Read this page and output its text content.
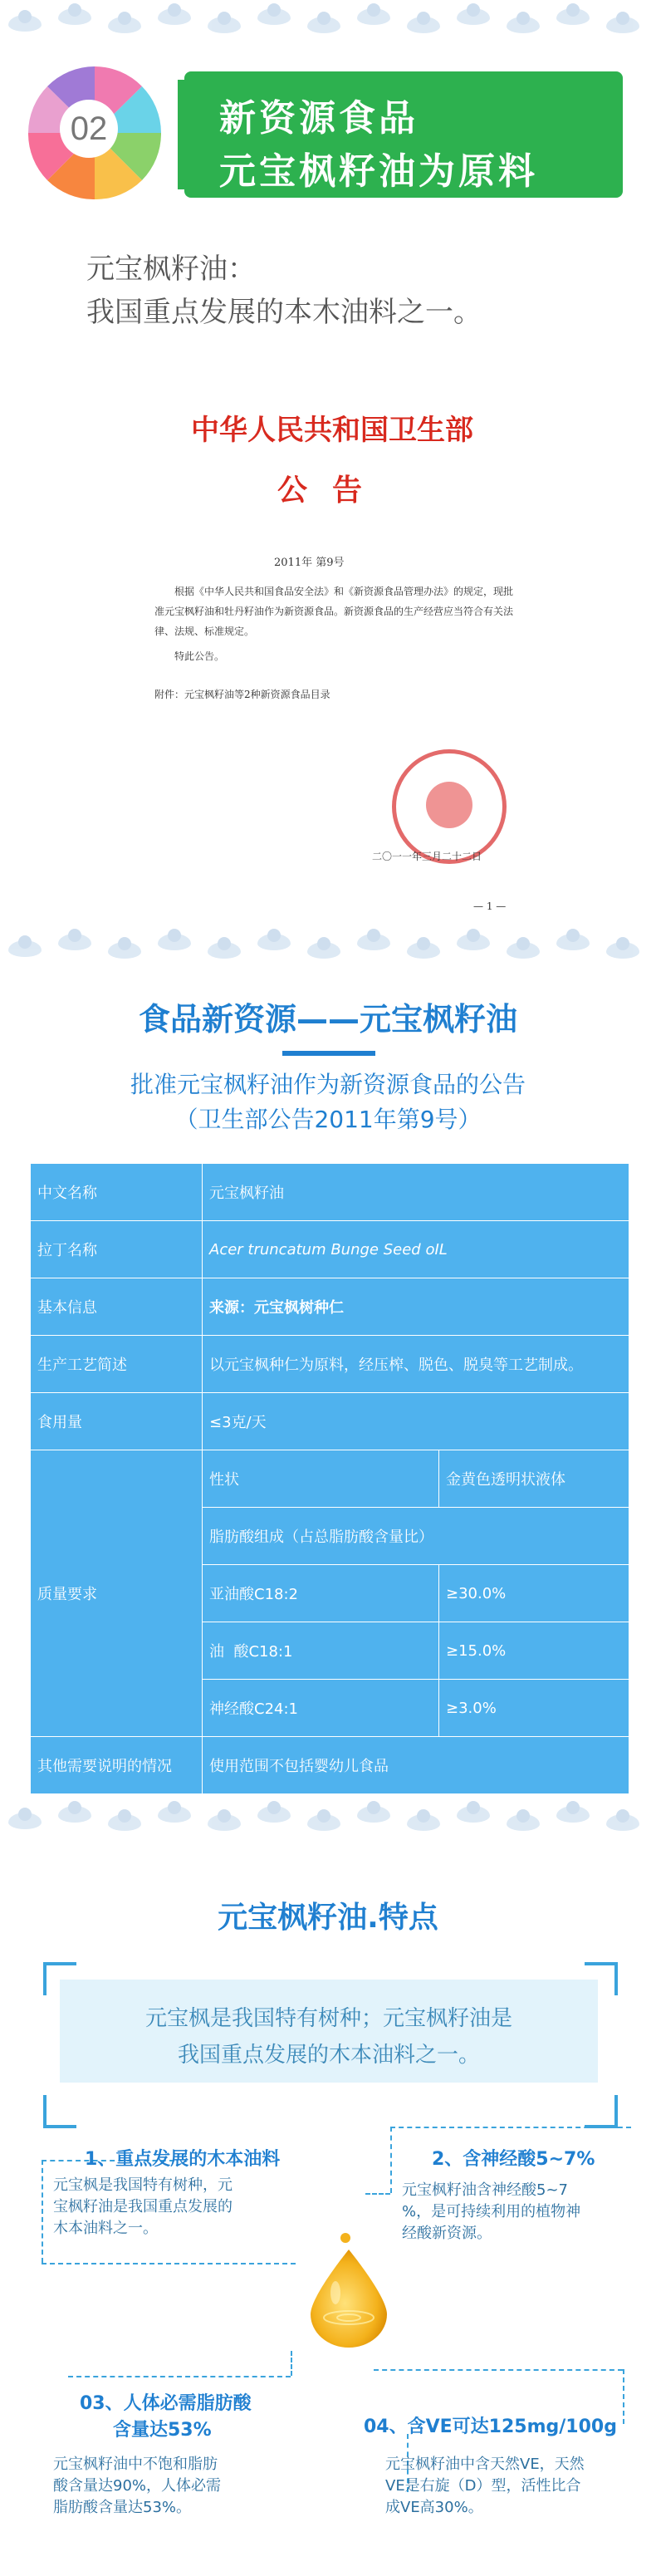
02	新资源食品
元宝枫籽油为原料
元宝枫籽油：
我国重点发展的本木油料之一。
中华人民共和国卫生部
公告
2011年 第9号
根据《中华人民共和国食品安全法》和《新资源食品管理办法》的规定，现批准元宝枫籽油和牡丹籽油作为新资源食品。新资源食品的生产经营应当符合有关法律、法规、标准规定。
特此公告。
附件：元宝枫籽油等2种新资源食品目录
二〇一一年三月二十二日
— 1 —
食品新资源——元宝枫籽油
批准元宝枫籽油作为新资源食品的公告
（卫生部公告2011年第9号）
中文名称	元宝枫籽油	
拉丁名称	Acer truncatum Bunge Seed oIL	
基本信息	来源：元宝枫树种仁	
生产工艺简述	以元宝枫种仁为原料，经压榨、脱色、脱臭等工艺制成。	
食用量	≤3克/天	
质量要求	性状	金黄色透明状液体
	脂肪酸组成（占总脂肪酸含量比）	
	亚油酸C18:2	≥30.0%
	油  酸C18:1	≥15.0%
	神经酸C24:1	≥3.0%
其他需要说明的情况	使用范围不包括婴幼儿食品	
元宝枫籽油.特点
元宝枫是我国特有树种；元宝枫籽油是
我国重点发展的木本油料之一。
1、重点发展的木本油料
元宝枫是我国特有树种，元
宝枫籽油是我国重点发展的
木本油料之一。
2、含神经酸5~7%
元宝枫籽油含神经酸5~7
%，是可持续利用的植物神
经酸新资源。
03、人体必需脂肪酸
含量达53%
元宝枫籽油中不饱和脂肪
酸含量达90%，人体必需
脂肪酸含量达53%。
04、含VE可达125mg/100g
元宝枫籽油中含天然VE，天然
VE是右旋（D）型，活性比合
成VE高30%。
